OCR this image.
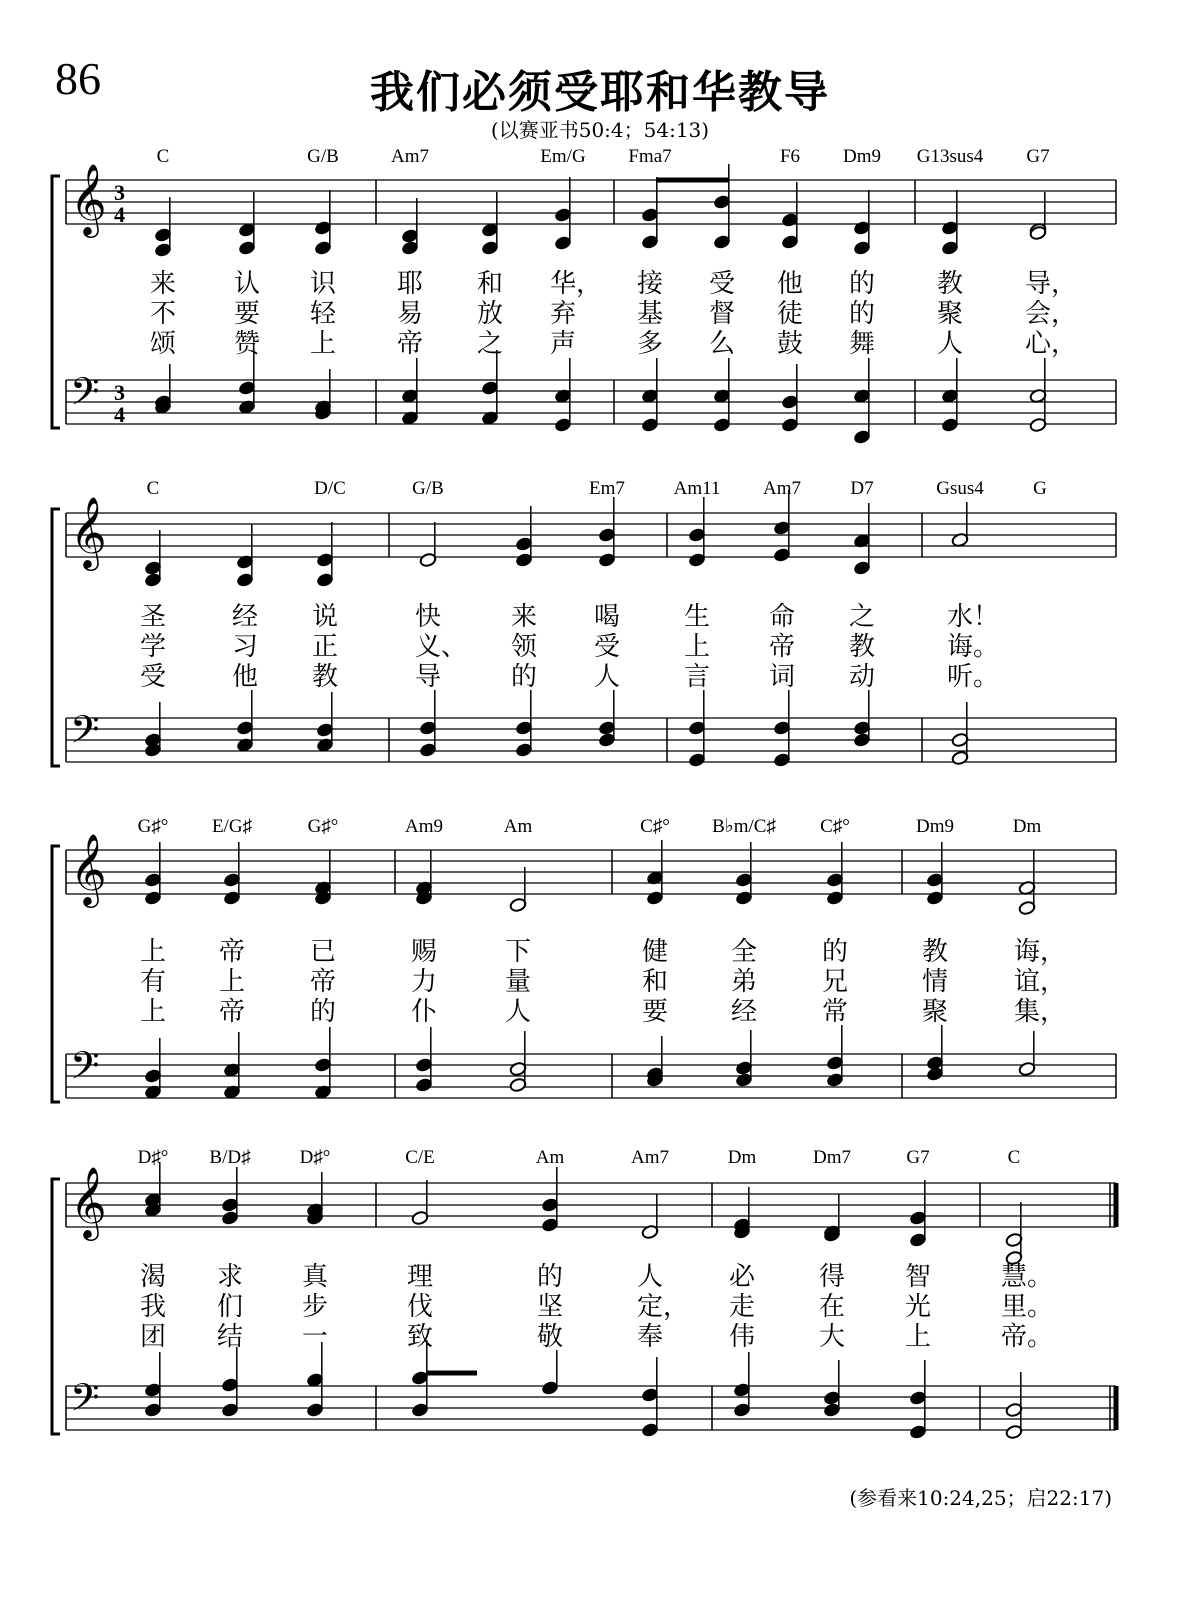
86	我们必须受耶和华教导
(以赛亚书50:4；54:13)
𝄞
𝄢
3
4
3
4
C	G/B	Am7	Em/G Fma7	F6 Dm9 G13sus4 G7
来 认 识 耶 和 华， 接 受 他 的 教 导，
不 要 轻 易 放 弃 基 督 徒 的 聚 会，
颂 赞 上 帝 之 声 多 么 鼓 舞 人 心，
𝄞
𝄢
C	D/C	G/B	Em7	Am11 Am7	D7	Gsus4	G
圣	经 说	快	来 喝 生 命 之	水！
学	习 正	义、 领 受 上 帝 教	诲。
受	他 教	导	的 人 言 词 动	听。
𝄞
𝄢
G♯° E/G♯	G♯°	Am9	Am	C♯° B♭m/C♯ C♯°	Dm9	Dm
上 帝 已	赐	下	健 全 的	教	诲，
有 上 帝	力	量	和 弟 兄	情	谊，
上 帝 的	仆	人	要 经 常	聚	集，
𝄞
𝄢
D♯° B/D♯	D♯°	C/E	Am	Am7	Dm	Dm7	G7	C
渴 求 真	理	的	人	必 得 智	慧。
我 们 步	伐	坚	定， 走 在 光	里。
团 结 一	致	敬	奉	伟 大 上	帝。
(参看来10:24,25；启22:17)
